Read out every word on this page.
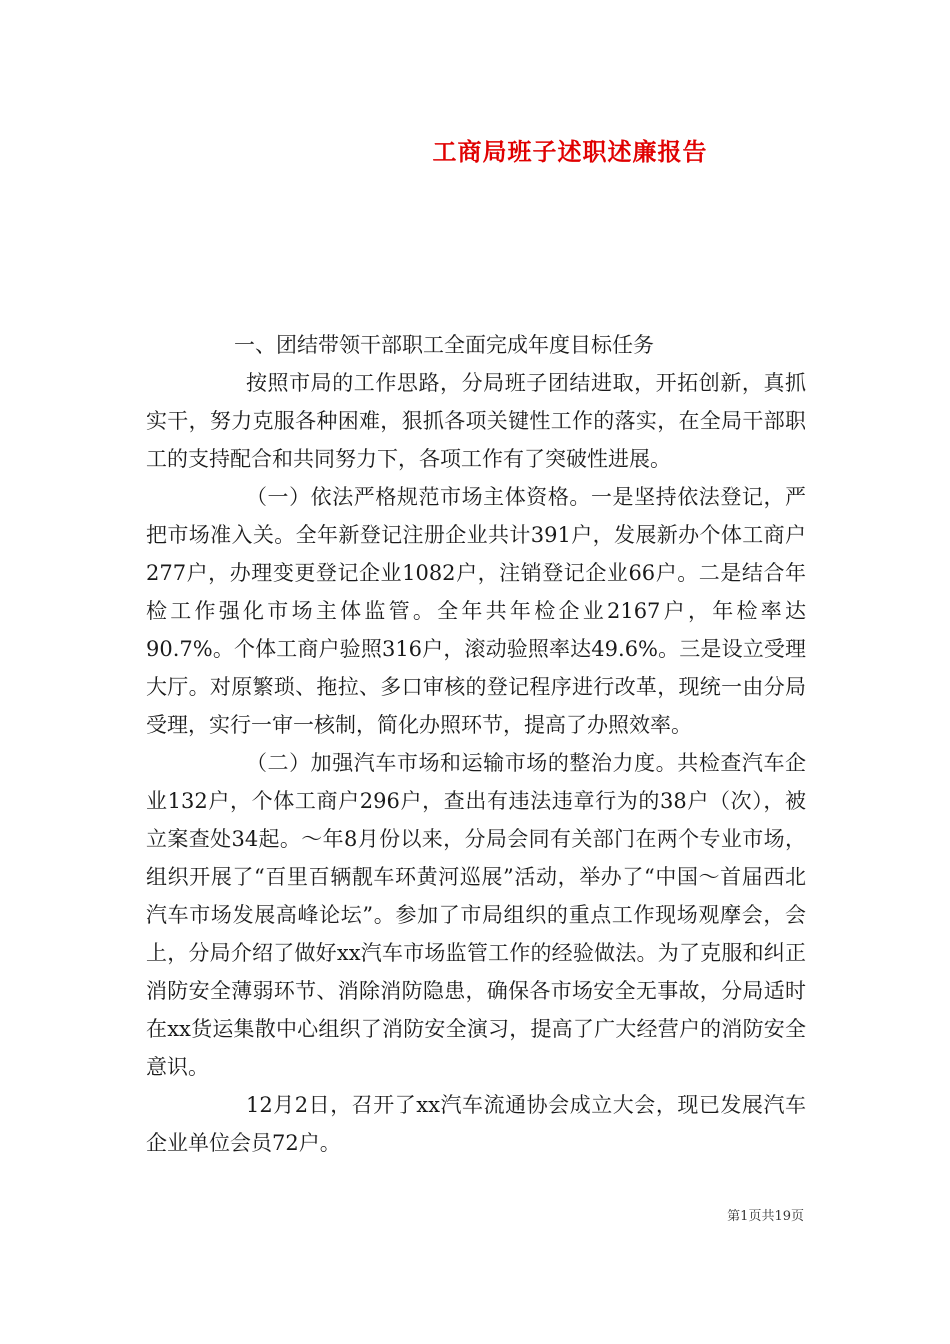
工商局班子述职述廉报告

一、团结带领干部职工全面完成年度目标任务

按照市局的工作思路，分局班子团结进取，开拓创新，真抓实干，努力克服各种困难，狠抓各项关键性工作的落实，在全局干部职工的支持配合和共同努力下，各项工作有了突破性进展。

（一）依法严格规范市场主体资格。一是坚持依法登记，严把市场准入关。全年新登记注册企业共计391户，发展新办个体工商户277户，办理变更登记企业1082户，注销登记企业66户。二是结合年检工作强化市场主体监管。全年共年检企业2167户，年检率达90.7%。个体工商户验照316户，滚动验照率达49.6%。三是设立受理大厅。对原繁琐、拖拉、多口审核的登记程序进行改革，现统一由分局受理，实行一审一核制，简化办照环节，提高了办照效率。

（二）加强汽车市场和运输市场的整治力度。共检查汽车企业132户，个体工商户296户，查出有违法违章行为的38户（次），被立案查处34起。～年8月份以来，分局会同有关部门在两个专业市场，组织开展了“百里百辆靓车环黄河巡展”活动，举办了“中国～首届西北汽车市场发展高峰论坛”。参加了市局组织的重点工作现场观摩会，会上，分局介绍了做好xx汽车市场监管工作的经验做法。为了克服和纠正消防安全薄弱环节、消除消防隐患，确保各市场安全无事故，分局适时在xx货运集散中心组织了消防安全演习，提高了广大经营户的消防安全意识。

12月2日，召开了xx汽车流通协会成立大会，现已发展汽车企业单位会员72户。

第1页共19页
